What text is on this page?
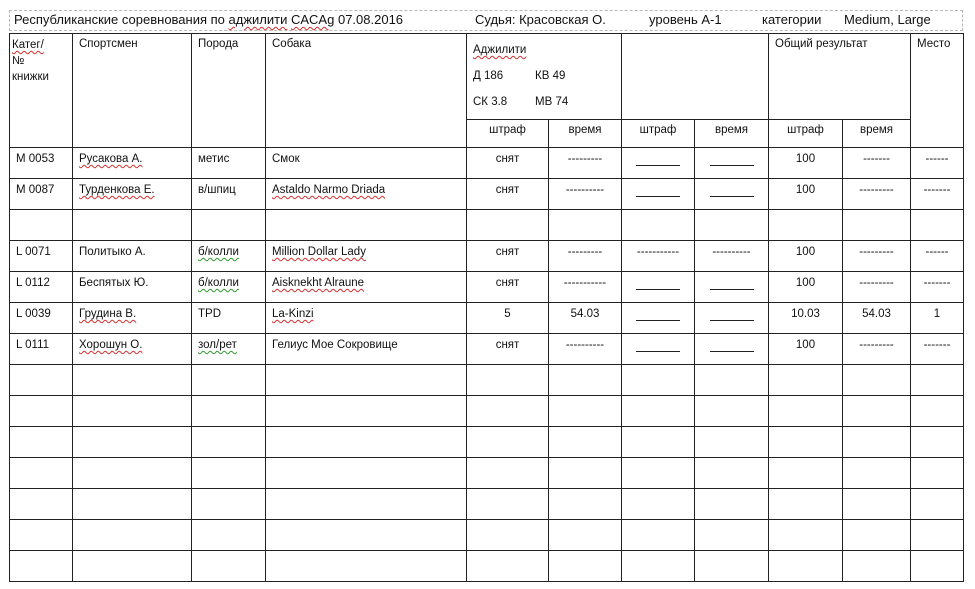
Республиканские соревнования по аджилити CACAg 07.08.2016	Судья: Красовская О.	уровень А-1	категории Medium, Large
Катег/
№
книжки	Спортсмен	Порода	Собака	Аджилити
Д 186 КВ 49
СК 3.8 МВ 74				Общий результат		Место

				штраф	время	штраф	время	штраф	время	

M 0053	Русакова А.	метис	Смок	снят	---------			100	-------	------

M 0087	Турденкова Е.	в/шпиц	Astaldo Narmo Driada	снят	----------			100	---------	-------

L 0071	Политыко А.	б/колли	Million Dollar Lady	снят	---------	-----------	----------	100	---------	------

L 0112	Беспятых Ю.	б/колли	Aisknekht Alraune	снят	-----------			100	---------	-------

L 0039	Грудина В.	TPD	La-Kinzi	5	54.03			10.03	54.03	1

L 0111	Хорошун О.	зол/рет	Гелиус Мое Сокровище	снят	----------			100	---------	-------
